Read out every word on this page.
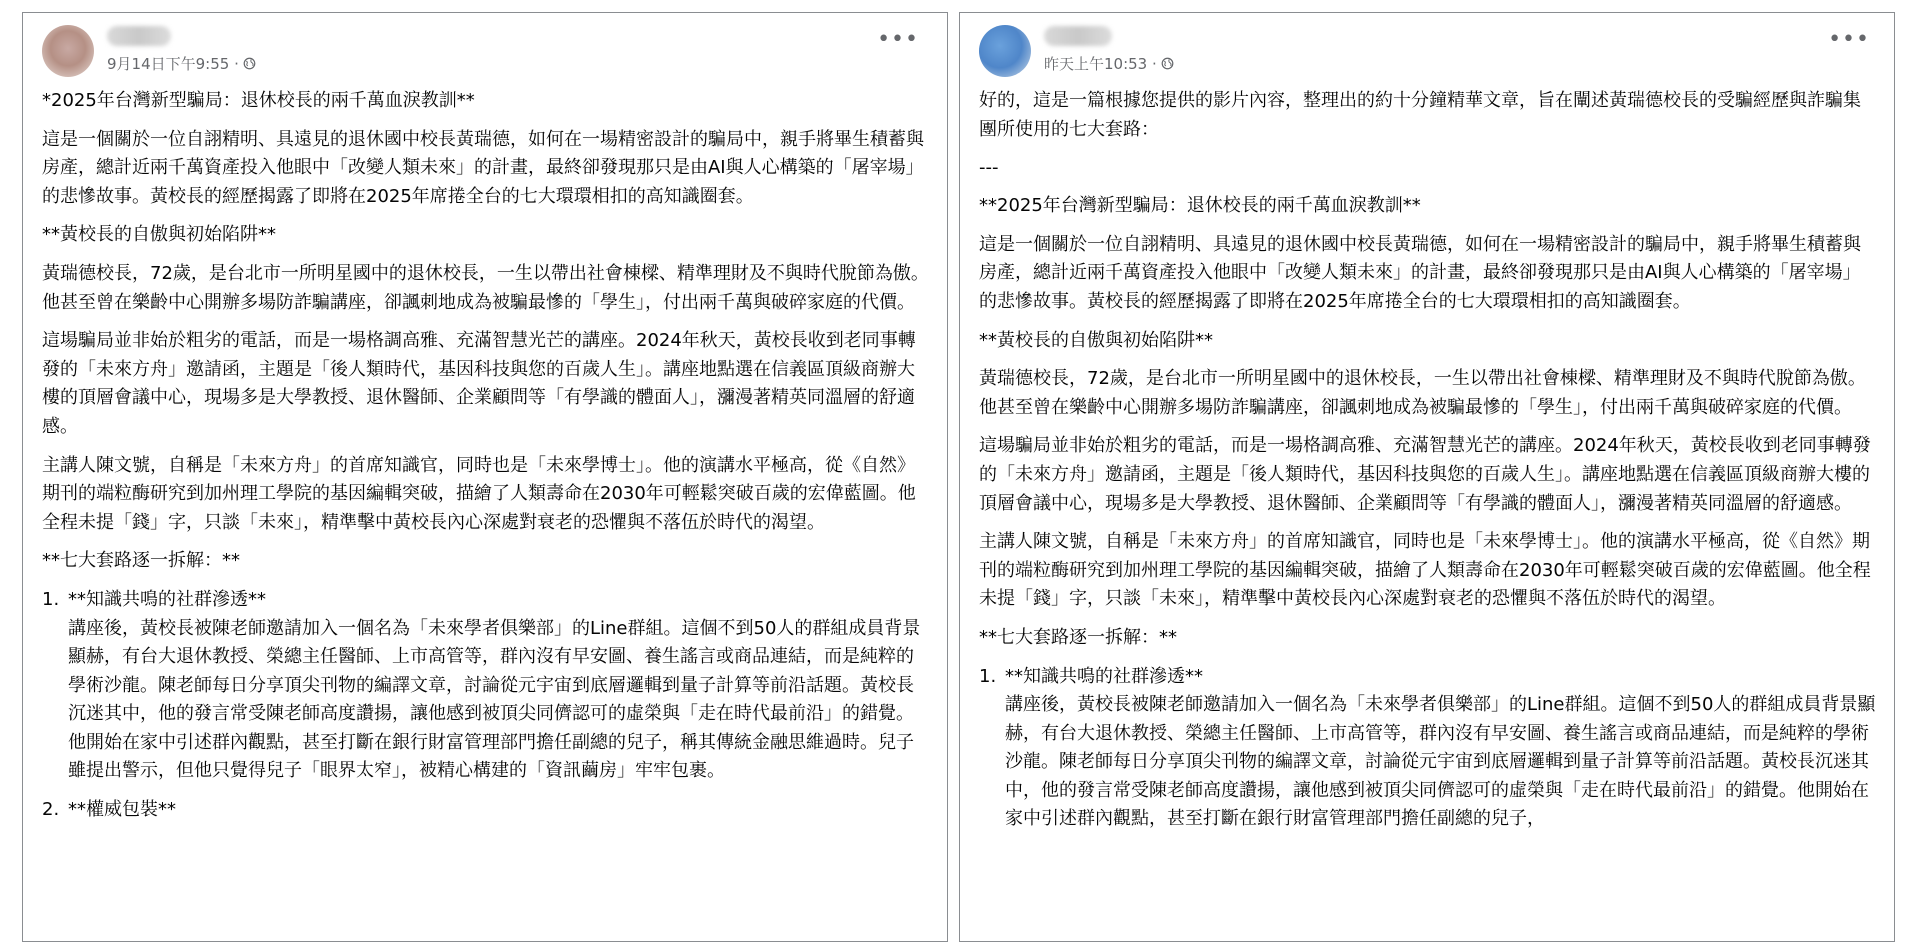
9月14日下午9:55 ·
•••

*2025年台灣新型騙局：退休校長的兩千萬血淚教訓**

這是一個關於一位自詡精明、具遠見的退休國中校長黃瑞德，如何在一場精密設計的騙局中，親手將畢生積蓄與房產，總計近兩千萬資產投入他眼中「改變人類未來」的計畫，最終卻發現那只是由AI與人心構築的「屠宰場」的悲慘故事。黃校長的經歷揭露了即將在2025年席捲全台的七大環環相扣的高知識圈套。

**黃校長的自傲與初始陷阱**

黃瑞德校長，72歲，是台北市一所明星國中的退休校長，一生以帶出社會棟樑、精準理財及不與時代脫節為傲。他甚至曾在樂齡中心開辦多場防詐騙講座，卻諷刺地成為被騙最慘的「學生」，付出兩千萬與破碎家庭的代價。

這場騙局並非始於粗劣的電話，而是一場格調高雅、充滿智慧光芒的講座。2024年秋天，黃校長收到老同事轉發的「未來方舟」邀請函，主題是「後人類時代，基因科技與您的百歲人生」。講座地點選在信義區頂級商辦大樓的頂層會議中心，現場多是大學教授、退休醫師、企業顧問等「有學識的體面人」，瀰漫著精英同溫層的舒適感。

主講人陳文號，自稱是「未來方舟」的首席知識官，同時也是「未來學博士」。他的演講水平極高，從《自然》期刊的端粒酶研究到加州理工學院的基因編輯突破，描繪了人類壽命在2030年可輕鬆突破百歲的宏偉藍圖。他全程未提「錢」字，只談「未來」，精準擊中黃校長內心深處對衰老的恐懼與不落伍於時代的渴望。

**七大套路逐一拆解：**

1. **知識共鳴的社群滲透**
講座後，黃校長被陳老師邀請加入一個名為「未來學者俱樂部」的Line群組。這個不到50人的群組成員背景顯赫，有台大退休教授、榮總主任醫師、上市高管等，群內沒有早安圖、養生謠言或商品連結，而是純粹的學術沙龍。陳老師每日分享頂尖刊物的編譯文章，討論從元宇宙到底層邏輯到量子計算等前沿話題。黃校長沉迷其中，他的發言常受陳老師高度讚揚，讓他感到被頂尖同儕認可的虛榮與「走在時代最前沿」的錯覺。他開始在家中引述群內觀點，甚至打斷在銀行財富管理部門擔任副總的兒子，稱其傳統金融思維過時。兒子雖提出警示，但他只覺得兒子「眼界太窄」，被精心構建的「資訊繭房」牢牢包裹。
2. **權威包裝**
昨天上午10:53 ·
•••

好的，這是一篇根據您提供的影片內容，整理出的約十分鐘精華文章，旨在闡述黃瑞德校長的受騙經歷與詐騙集團所使用的七大套路：

---

**2025年台灣新型騙局：退休校長的兩千萬血淚教訓**

這是一個關於一位自詡精明、具遠見的退休國中校長黃瑞德，如何在一場精密設計的騙局中，親手將畢生積蓄與房產，總計近兩千萬資產投入他眼中「改變人類未來」的計畫，最終卻發現那只是由AI與人心構築的「屠宰場」的悲慘故事。黃校長的經歷揭露了即將在2025年席捲全台的七大環環相扣的高知識圈套。

**黃校長的自傲與初始陷阱**

黃瑞德校長，72歲，是台北市一所明星國中的退休校長，一生以帶出社會棟樑、精準理財及不與時代脫節為傲。他甚至曾在樂齡中心開辦多場防詐騙講座，卻諷刺地成為被騙最慘的「學生」，付出兩千萬與破碎家庭的代價。

這場騙局並非始於粗劣的電話，而是一場格調高雅、充滿智慧光芒的講座。2024年秋天，黃校長收到老同事轉發的「未來方舟」邀請函，主題是「後人類時代，基因科技與您的百歲人生」。講座地點選在信義區頂級商辦大樓的頂層會議中心，現場多是大學教授、退休醫師、企業顧問等「有學識的體面人」，瀰漫著精英同溫層的舒適感。

主講人陳文號，自稱是「未來方舟」的首席知識官，同時也是「未來學博士」。他的演講水平極高，從《自然》期刊的端粒酶研究到加州理工學院的基因編輯突破，描繪了人類壽命在2030年可輕鬆突破百歲的宏偉藍圖。他全程未提「錢」字，只談「未來」，精準擊中黃校長內心深處對衰老的恐懼與不落伍於時代的渴望。

**七大套路逐一拆解：**

1. **知識共鳴的社群滲透**
講座後，黃校長被陳老師邀請加入一個名為「未來學者俱樂部」的Line群組。這個不到50人的群組成員背景顯赫，有台大退休教授、榮總主任醫師、上市高管等，群內沒有早安圖、養生謠言或商品連結，而是純粹的學術沙龍。陳老師每日分享頂尖刊物的編譯文章，討論從元宇宙到底層邏輯到量子計算等前沿話題。黃校長沉迷其中，他的發言常受陳老師高度讚揚，讓他感到被頂尖同儕認可的虛榮與「走在時代最前沿」的錯覺。他開始在家中引述群內觀點，甚至打斷在銀行財富管理部門擔任副總的兒子，
